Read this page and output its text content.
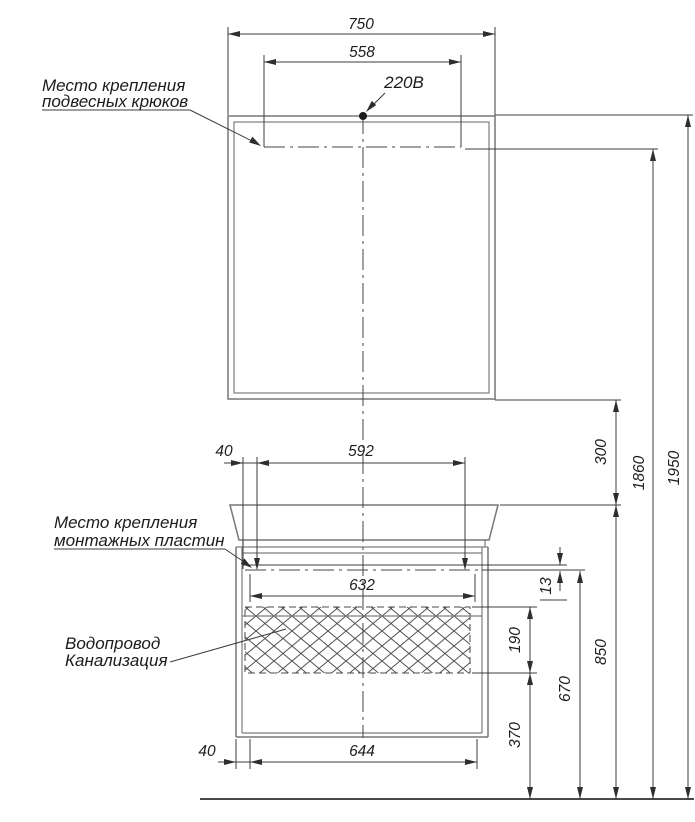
750
558
40	592
632
40	644
300
13
190
370
670
850
1860 1950
Место крепления
подвесных крюков
Место крепления
монтажных пластин
Водопровод
Канализация
220В
